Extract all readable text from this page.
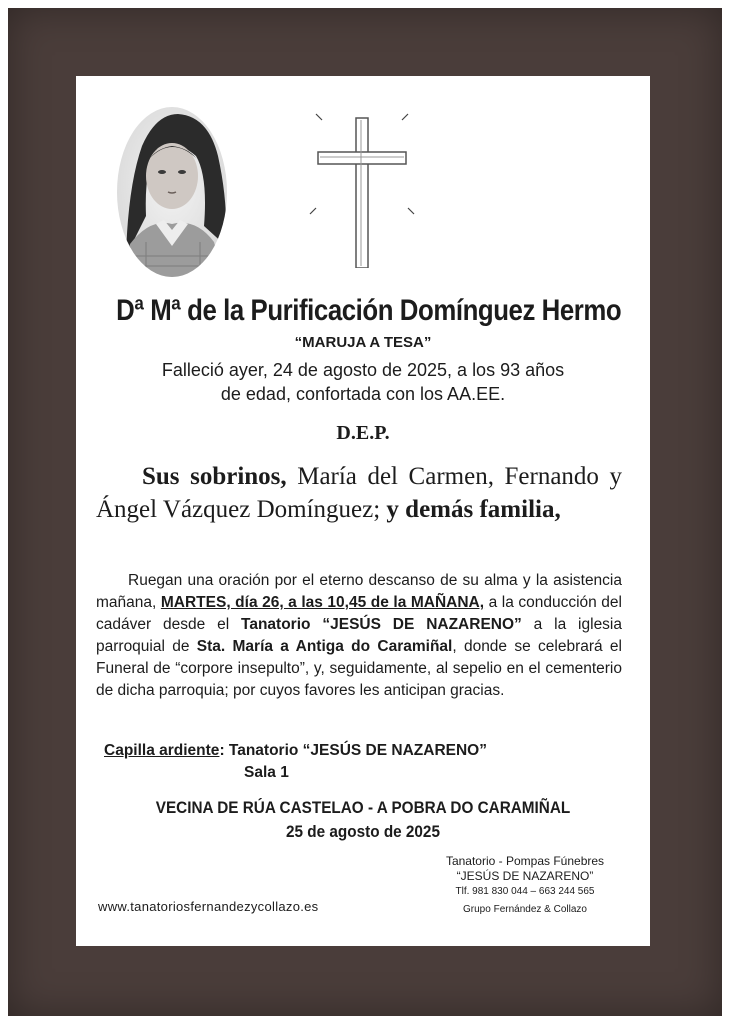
Dª Mª de la Purificación Domínguez Hermo
“MARUJA A TESA”
Falleció ayer, 24 de agosto de 2025, a los 93 años
de edad, confortada con los AA.EE.
D.E.P.
Sus sobrinos, María del Carmen, Fernando y Ángel Vázquez Domínguez; y demás familia,
Ruegan una oración por el eterno descanso de su alma y la asistencia mañana, MARTES, día 26, a las 10,45 de la MAÑANA, a la conducción del cadáver desde el Tanatorio “JESÚS DE NAZARENO” a la iglesia parroquial de Sta. María a Antiga do Caramiñal, donde se celebrará el Funeral de “corpore insepulto”, y, seguidamente, al sepelio en el cementerio de dicha parroquia; por cuyos favores les anticipan gracias.
Capilla ardiente: Tanatorio “JESÚS DE NAZARENO”
Sala 1
VECINA DE RÚA CASTELAO - A POBRA DO CARAMIÑAL
25 de agosto de 2025
Tanatorio - Pompas Fúnebres
“JESÚS DE NAZARENO”
Tlf. 981 830 044 – 663 244 565
Grupo Fernández & Collazo
www.tanatoriosfernandezycollazo.es
